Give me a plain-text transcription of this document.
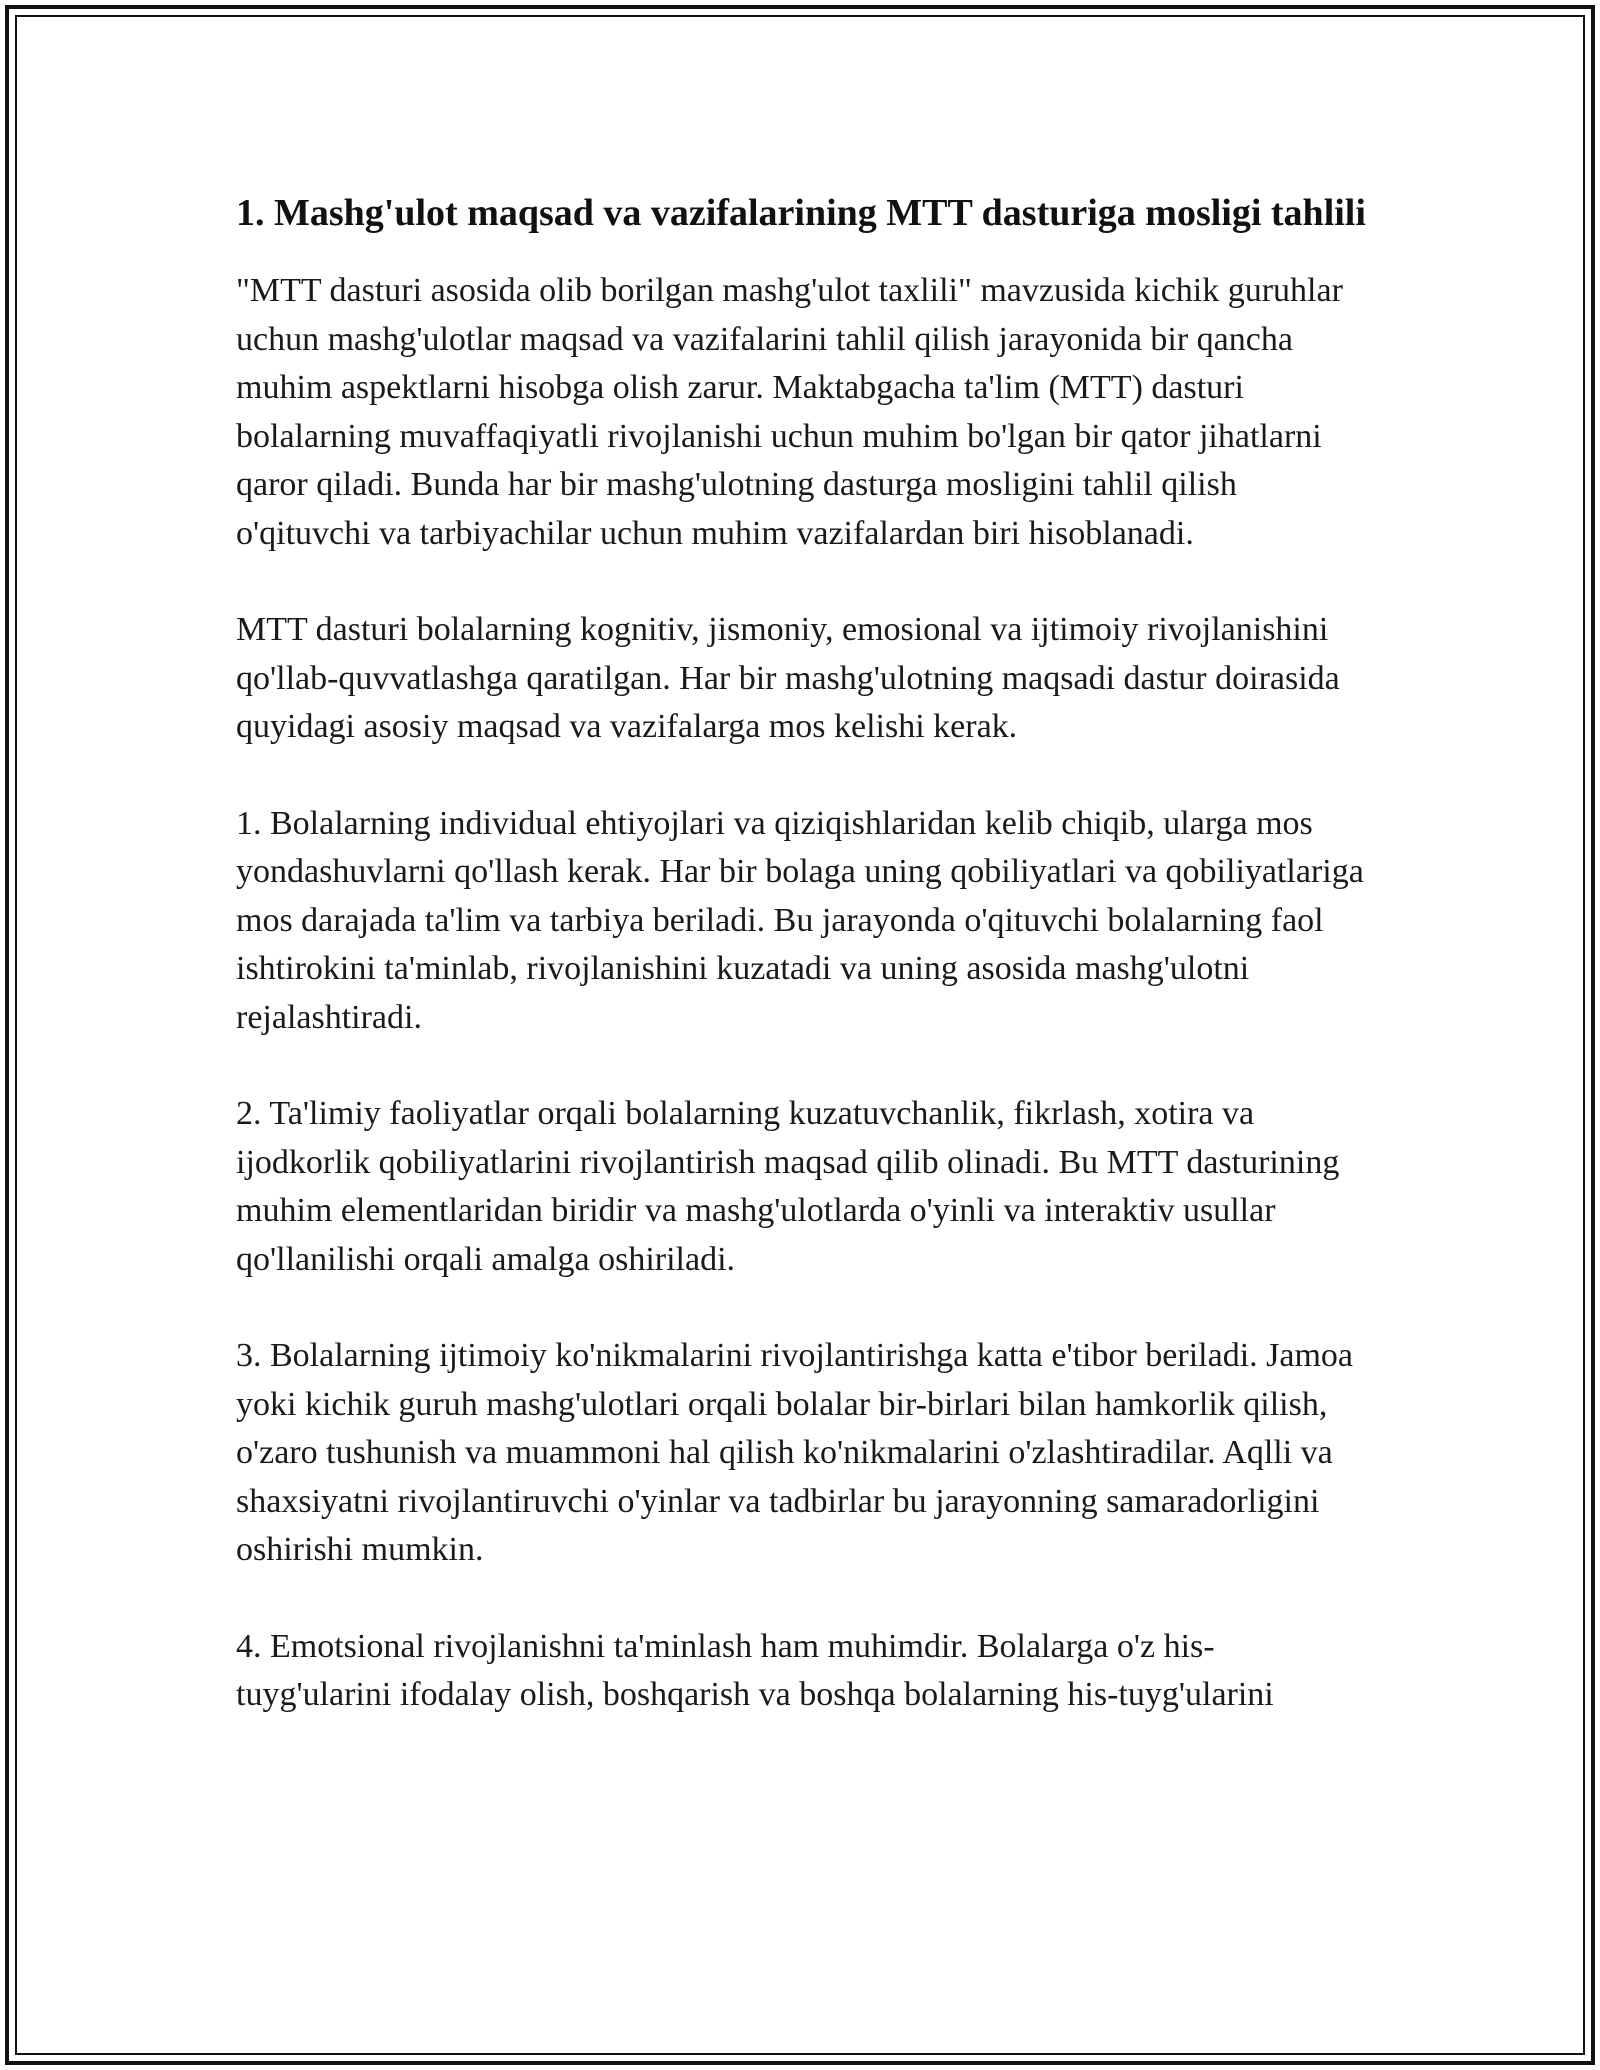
1. Mashg'ulot maqsad va vazifalarining MTT dasturiga mosligi tahlili

"MTT dasturi asosida olib borilgan mashg'ulot taxlili" mavzusida kichik guruhlar uchun mashg'ulotlar maqsad va vazifalarini tahlil qilish jarayonida bir qancha muhim aspektlarni hisobga olish zarur. Maktabgacha ta'lim (MTT) dasturi bolalarning muvaffaqiyatli rivojlanishi uchun muhim bo'lgan bir qator jihatlarni qaror qiladi. Bunda har bir mashg'ulotning dasturga mosligini tahlil qilish o'qituvchi va tarbiyachilar uchun muhim vazifalardan biri hisoblanadi.

MTT dasturi bolalarning kognitiv, jismoniy, emosional va ijtimoiy rivojlanishini qo'llab-quvvatlashga qaratilgan. Har bir mashg'ulotning maqsadi dastur doirasida quyidagi asosiy maqsad va vazifalarga mos kelishi kerak.

1. Bolalarning individual ehtiyojlari va qiziqishlaridan kelib chiqib, ularga mos yondashuvlarni qo'llash kerak. Har bir bolaga uning qobiliyatlari va qobiliyatlariga mos darajada ta'lim va tarbiya beriladi. Bu jarayonda o'qituvchi bolalarning faol ishtirokini ta'minlab, rivojlanishini kuzatadi va uning asosida mashg'ulotni rejalashtiradi.

2. Ta'limiy faoliyatlar orqali bolalarning kuzatuvchanlik, fikrlash, xotira va ijodkorlik qobiliyatlarini rivojlantirish maqsad qilib olinadi. Bu MTT dasturining muhim elementlaridan biridir va mashg'ulotlarda o'yinli va interaktiv usullar qo'llanilishi orqali amalga oshiriladi.

3. Bolalarning ijtimoiy ko'nikmalarini rivojlantirishga katta e'tibor beriladi. Jamoa yoki kichik guruh mashg'ulotlari orqali bolalar bir-birlari bilan hamkorlik qilish, o'zaro tushunish va muammoni hal qilish ko'nikmalarini o'zlashtiradilar. Aqlli va shaxsiyatni rivojlantiruvchi o'yinlar va tadbirlar bu jarayonning samaradorligini oshirishi mumkin.

4. Emotsional rivojlanishni ta'minlash ham muhimdir. Bolalarga o'z his-tuyg'ularini ifodalay olish, boshqarish va boshqa bolalarning his-tuyg'ularini
